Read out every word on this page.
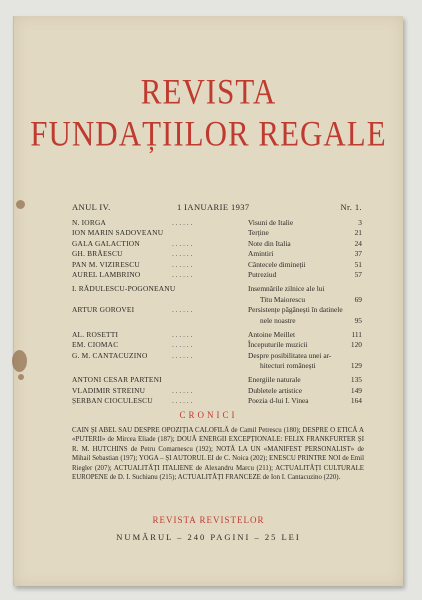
REVISTA
FUNDAȚIILOR REGALE
ANUL IV.	1 IANUARIE 1937	Nr. 1.
N. IORGA	. . . . . .	Visuni de Italie	3
ION MARIN SADOVEANU	Terține	21
GALA GALACTION	. . . . . .	Note din Italia	24
GH. BRĂESCU	. . . . . .	Amintiri	37
PAN M. VIZIRESCU	. . . . . .	Cântecele dimineții	51
AUREL LAMBRINO	. . . . . .	Putreziud	57
I. RĂDULESCU-POGONEANU	Insemnările zilnice ale lui
Titu Maiorescu	69
ARTUR GOROVEI	. . . . . .	Persistențe păgânești în datinele
nele noastre	95
AL. ROSETTI	. . . . . .	Antoine Meillet	111
EM. CIOMAC	. . . . . .	Începuturile muzicii	120
G. M. CANTACUZINO	. . . . . .	Despre posibilitatea unei ar-
hitecturi românești	129
ANTONI CESAR PARTENI	Energiile naturale	135
VLADIMIR STREINU	. . . . . .	Dubletele artistice	149
ȘERBAN CIOCULESCU	. . . . . .	Poezia d-lui I. Vinea	164
CRONICI
CAIN ȘI ABEL SAU DESPRE OPOZIȚIA CALOFILĂ de Camil Petrescu (180); DESPRE O ETICĂ A «PUTERII» de Mircea Eliade (187); DOUĂ ENERGII EXCEPȚIONALE: FELIX FRANKFURTER ȘI R. M. HUTCHINS de Petru Comarnescu (192); NOTĂ LA UN «MANIFEST PERSONALIST» de Mihail Sebastian (197); YOGA – ȘI AUTORUL EI de C. Noica (202); ENESCU PRINTRE NOI de Emil Riegler (207); ACTUALITĂȚI ITALIENE de Alexandru Marcu (211); ACTUALITĂȚI CULTURALE EUROPENE de D. I. Suchianu (215); ACTUALITĂȚI FRANCEZE de Ion I. Cantacuzino (220).
REVISTA REVISTELOR
NUMĂRUL – 240 PAGINI – 25 LEI
